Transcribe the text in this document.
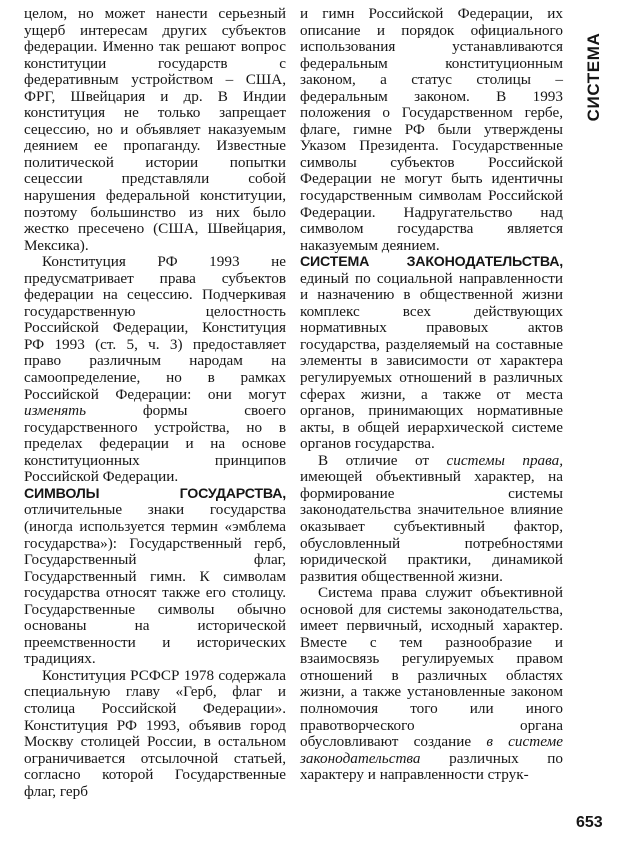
целом, но может нанести серьезный ущерб интересам других субъектов федерации. Именно так решают вопрос конституции государств с федеративным устройством – США, ФРГ, Швейцария и др. В Индии конституция не только запрещает сецессию, но и объявляет наказуемым деянием ее пропаганду. Известные политической истории попытки сецессии представляли собой нарушения федеральной конституции, поэтому большинство из них было жестко пресечено (США, Швейцария, Мексика).

Конституция РФ 1993 не предусматривает права субъектов федерации на сецессию. Подчеркивая государственную целостность Российской Федерации, Конституция РФ 1993 (ст. 5, ч. 3) предоставляет право различным народам на самоопределение, но в рамках Российской Федерации: они могут изменять	формы своего государственного устройства, но в пределах федерации и на основе конституционных принципов Российской Федерации.

СИМВОЛЫ ГОСУДАРСТВА, отличительные знаки государства (иногда используется термин «эмблема государства»): Государственный герб, Государственный флаг, Государственный гимн. К символам государства относят также его столицу. Государственные символы обычно основаны на исторической преемственности и исторических традициях.

Конституция РСФСР 1978 содержала специальную главу «Герб, флаг и столица Российской Федерации». Конституция РФ 1993, объявив город Москву столицей России, в остальном ограничивается отсылочной статьей, согласно которой Государственные флаг, герб

и гимн Российской Федерации, их описание и порядок официального использования устанавливаются федеральным конституционным законом, а статус столицы – федеральным законом. В 1993 положения о Государственном гербе, флаге, гимне РФ были утверждены Указом Президента. Государственные символы субъектов Российской Федерации не могут быть идентичны государственным символам Российской Федерации. Надругательство над символом государства является наказуемым деянием.

СИСТЕМА ЗАКОНОДАТЕЛЬСТВА, единый по социальной направленности и назначению в общественной жизни комплекс всех действующих нормативных правовых актов государства, разделяемый на составные элементы в зависимости от характера регулируемых отношений в различных сферах жизни, а также от места органов, принимающих нормативные акты, в общей иерархической системе органов государства.

В отличие от системы права, имеющей объективный характер, на формирование системы законодательства значительное влияние оказывает субъективный фактор, обусловленный потребностями юридической практики, динамикой развития общественной жизни.

Система права служит объективной основой для системы законодательства, имеет первичный, исходный характер. Вместе с тем разнообразие и взаимосвязь регулируемых правом отношений в различных областях жизни, а также установленные законом полномочия того или иного правотворческого органа обусловливают создание в системе законодательства различных по характеру и направленности струк-

СИСТЕМА
653
